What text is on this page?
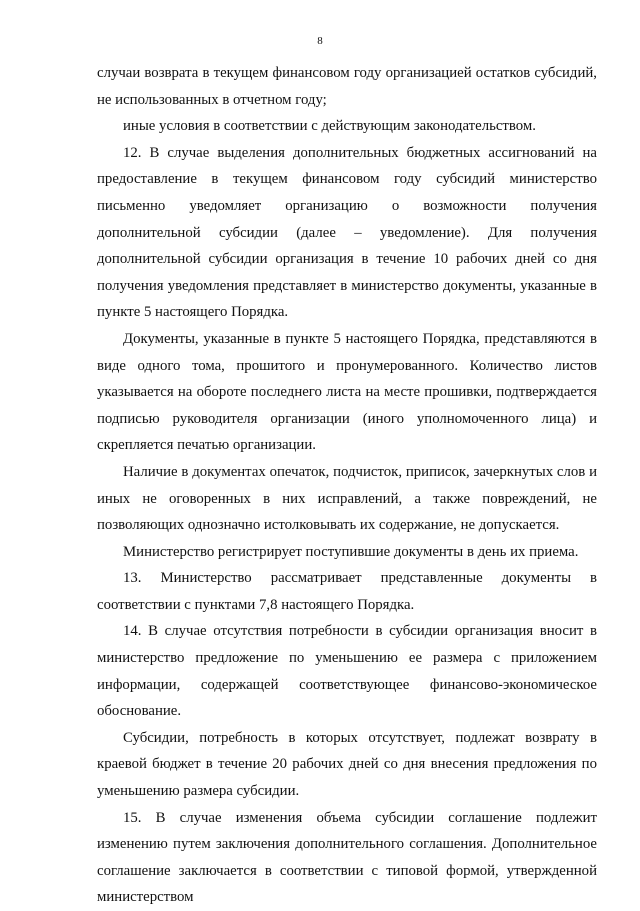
8

случаи возврата в текущем финансовом году организацией остатков субсидий, не использованных в отчетном году;

иные условия в соответствии с действующим законодательством.

12. В случае выделения дополнительных бюджетных ассигнований на предоставление в текущем финансовом году субсидий министерство письменно уведомляет организацию о возможности получения дополнительной субсидии (далее – уведомление). Для получения дополнительной субсидии организация в течение 10 рабочих дней со дня получения уведомления представляет в министерство документы, указанные в пункте 5 настоящего Порядка.

Документы, указанные в пункте 5 настоящего Порядка, представляются в виде одного тома, прошитого и пронумерованного. Количество листов указывается на обороте последнего листа на месте прошивки, подтверждается подписью руководителя организации (иного уполномоченного лица) и скрепляется печатью организации.

Наличие в документах опечаток, подчисток, приписок, зачеркнутых слов и иных не оговоренных в них исправлений, а также повреждений, не позволяющих однозначно истолковывать их содержание, не допускается.

Министерство регистрирует поступившие документы в день их приема.

13. Министерство рассматривает представленные документы в соответствии с пунктами 7,8 настоящего Порядка.

14. В случае отсутствия потребности в субсидии организация вносит в министерство предложение по уменьшению ее размера с приложением информации, содержащей соответствующее финансово-экономическое обоснование.

Субсидии, потребность в которых отсутствует, подлежат возврату в краевой бюджет в течение 20 рабочих дней со дня внесения предложения по уменьшению размера субсидии.

15. В случае изменения объема субсидии соглашение подлежит изменению путем заключения дополнительного соглашения. Дополнительное соглашение заключается в соответствии с типовой формой, утвержденной министерством
